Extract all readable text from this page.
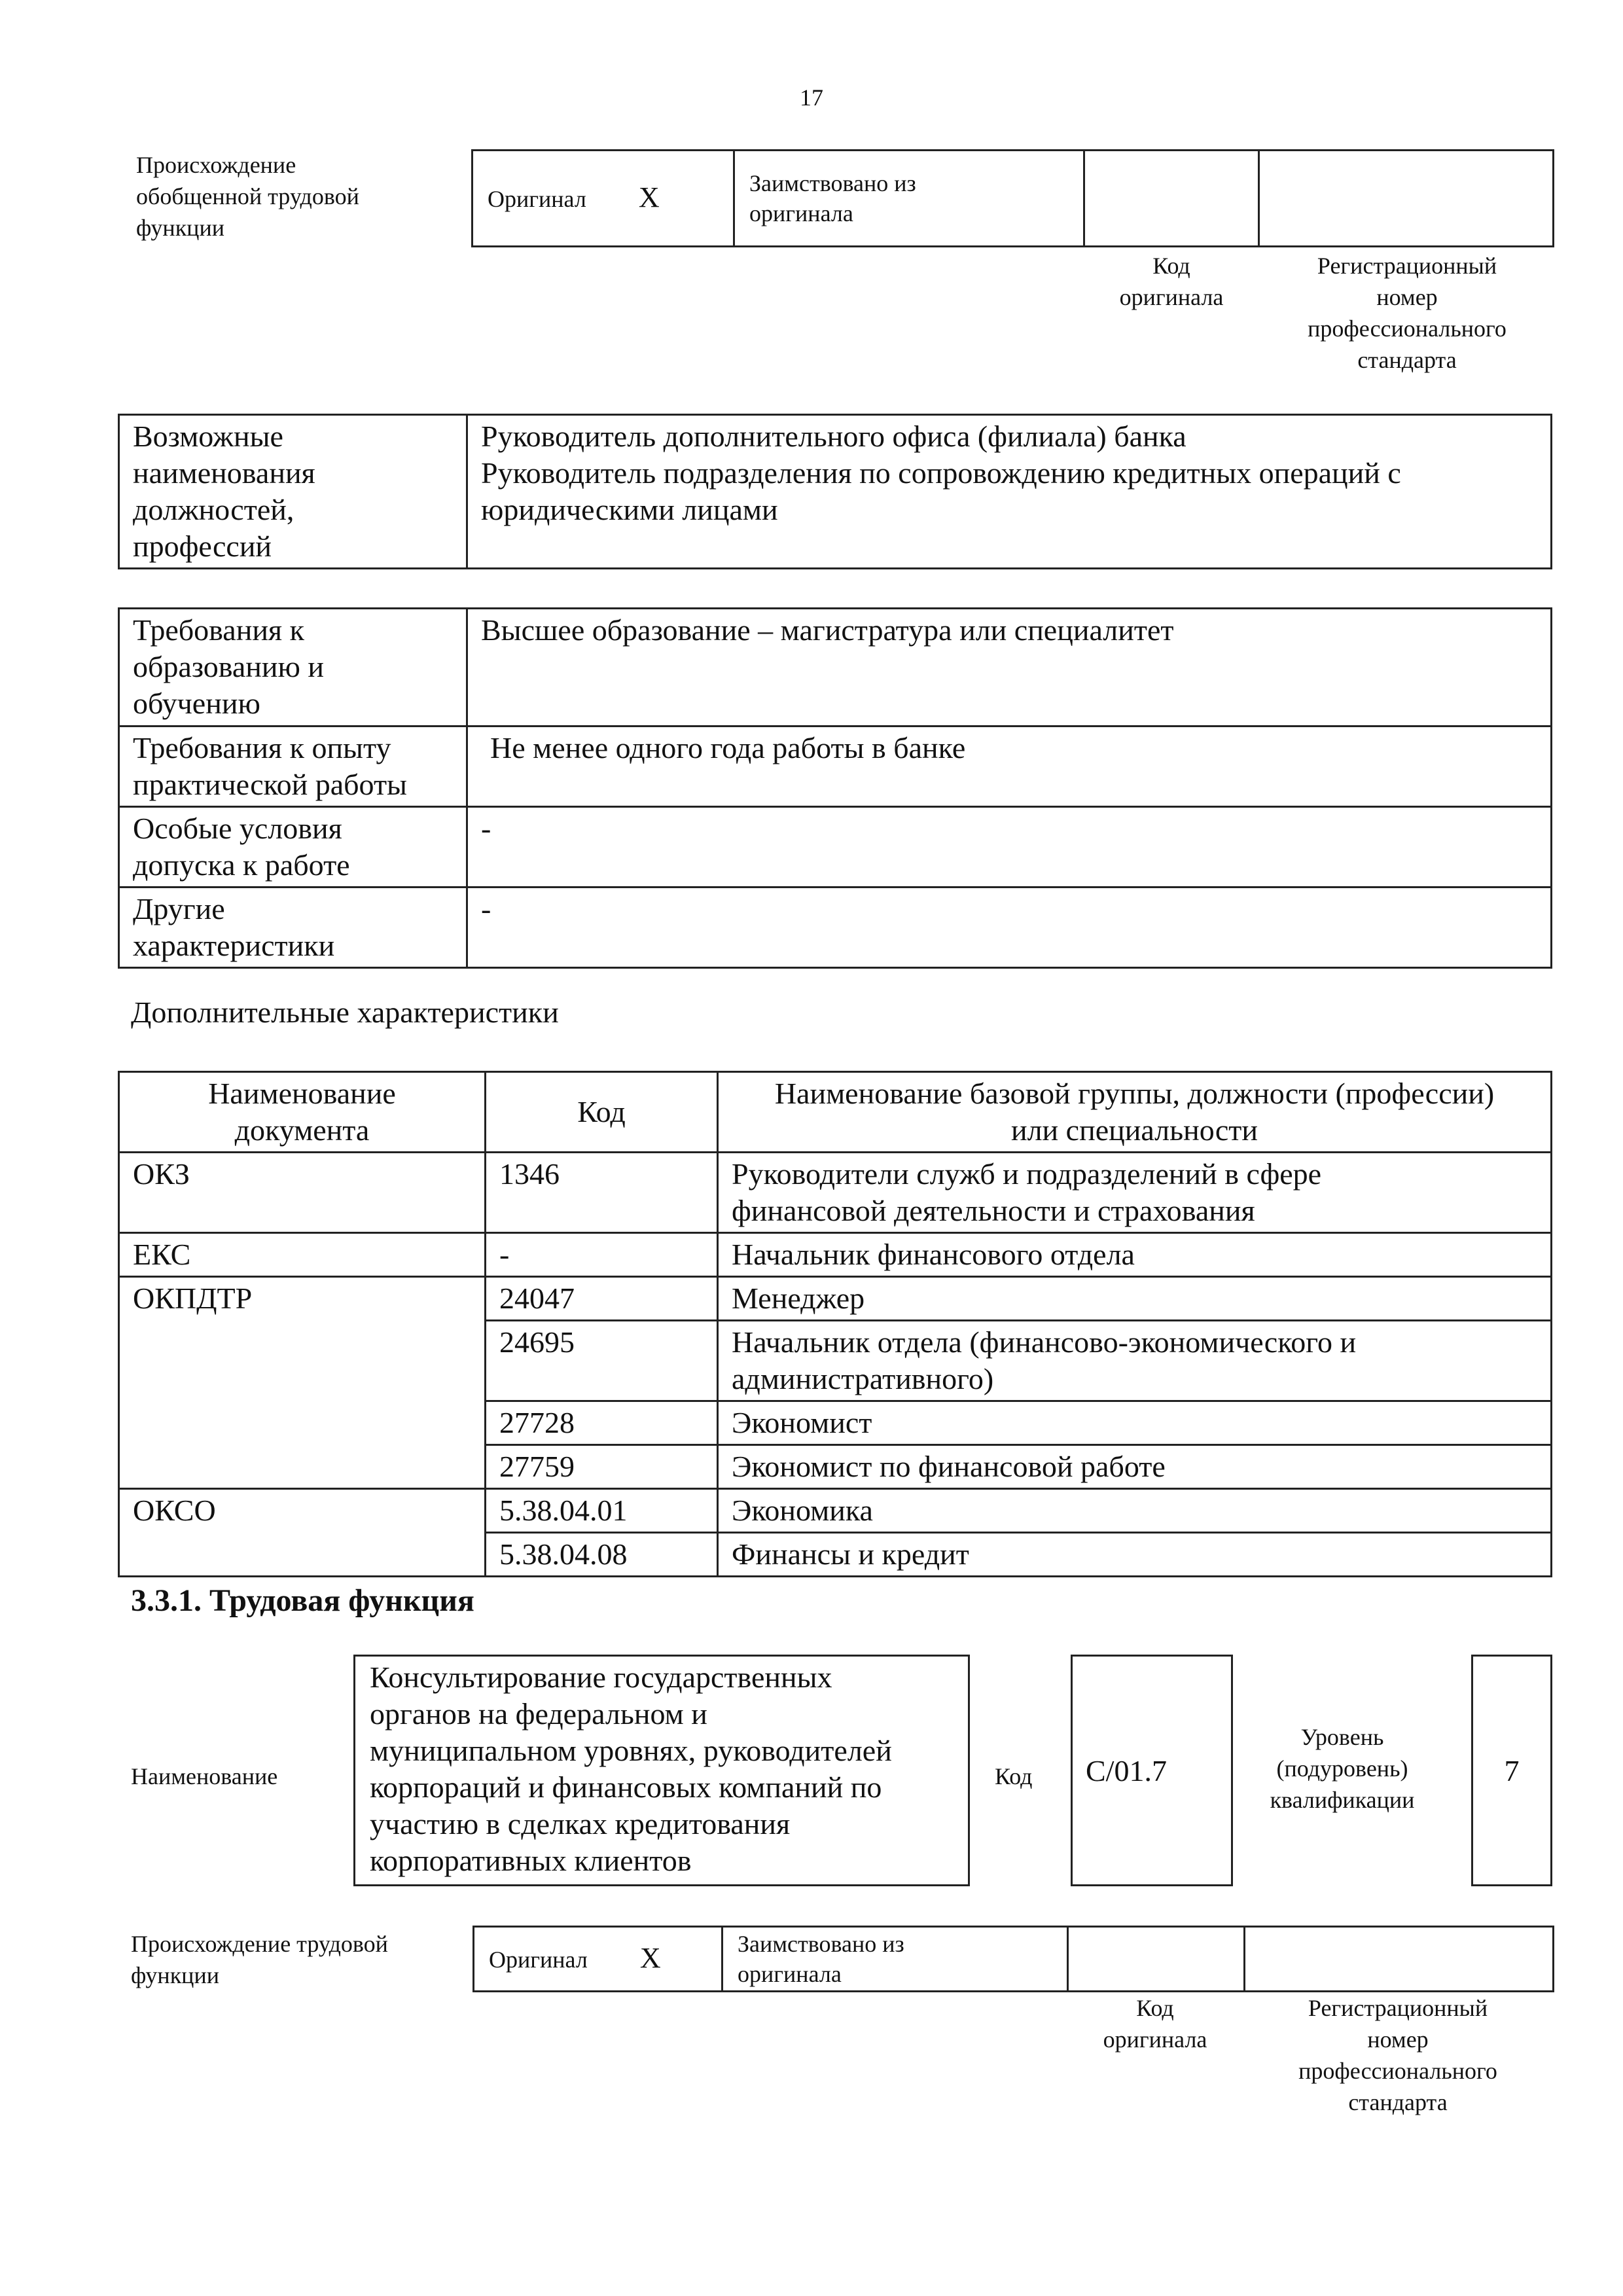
17
Происхождение
обобщенной трудовой
функции
Оригинал X	Заимствовано из
оригинала		
Код
оригинала
Регистрационный
номер
профессионального
стандарта
Возможные
наименования
должностей,
профессий	Руководитель дополнительного офиса (филиала) банка
Руководитель подразделения по сопровождению кредитных операций с
юридическими лицами
Требования к
образованию и
обучению	Высшее образование – магистратура или специалитет
Требования к опыту
практической работы	Не менее одного года работы в банке
Особые условия
допуска к работе	-
Другие
характеристики	-
Дополнительные характеристики
Наименование
документа	Код	Наименование базовой группы, должности (профессии)
или специальности
ОКЗ	1346	Руководители служб и подразделений в сфере
финансовой деятельности и страхования
ЕКС	-	Начальник финансового отдела
ОКПДТР	24047	Менеджер
	24695	Начальник отдела (финансово-экономического и
административного)
	27728	Экономист
	27759	Экономист по финансовой работе
ОКСО	5.38.04.01	Экономика
	5.38.04.08	Финансы и кредит
3.3.1. Трудовая функция
Наименование
Консультирование государственных
органов на федеральном и
муниципальном уровнях, руководителей
корпораций и финансовых компаний по
участию в сделках кредитования
корпоративных клиентов
Код	C/01.7
Уровень
(подуровень)
квалификации
7
Происхождение трудовой
функции
Оригинал X	Заимствовано из
оригинала		
Код
оригинала
Регистрационный
номер
профессионального
стандарта
